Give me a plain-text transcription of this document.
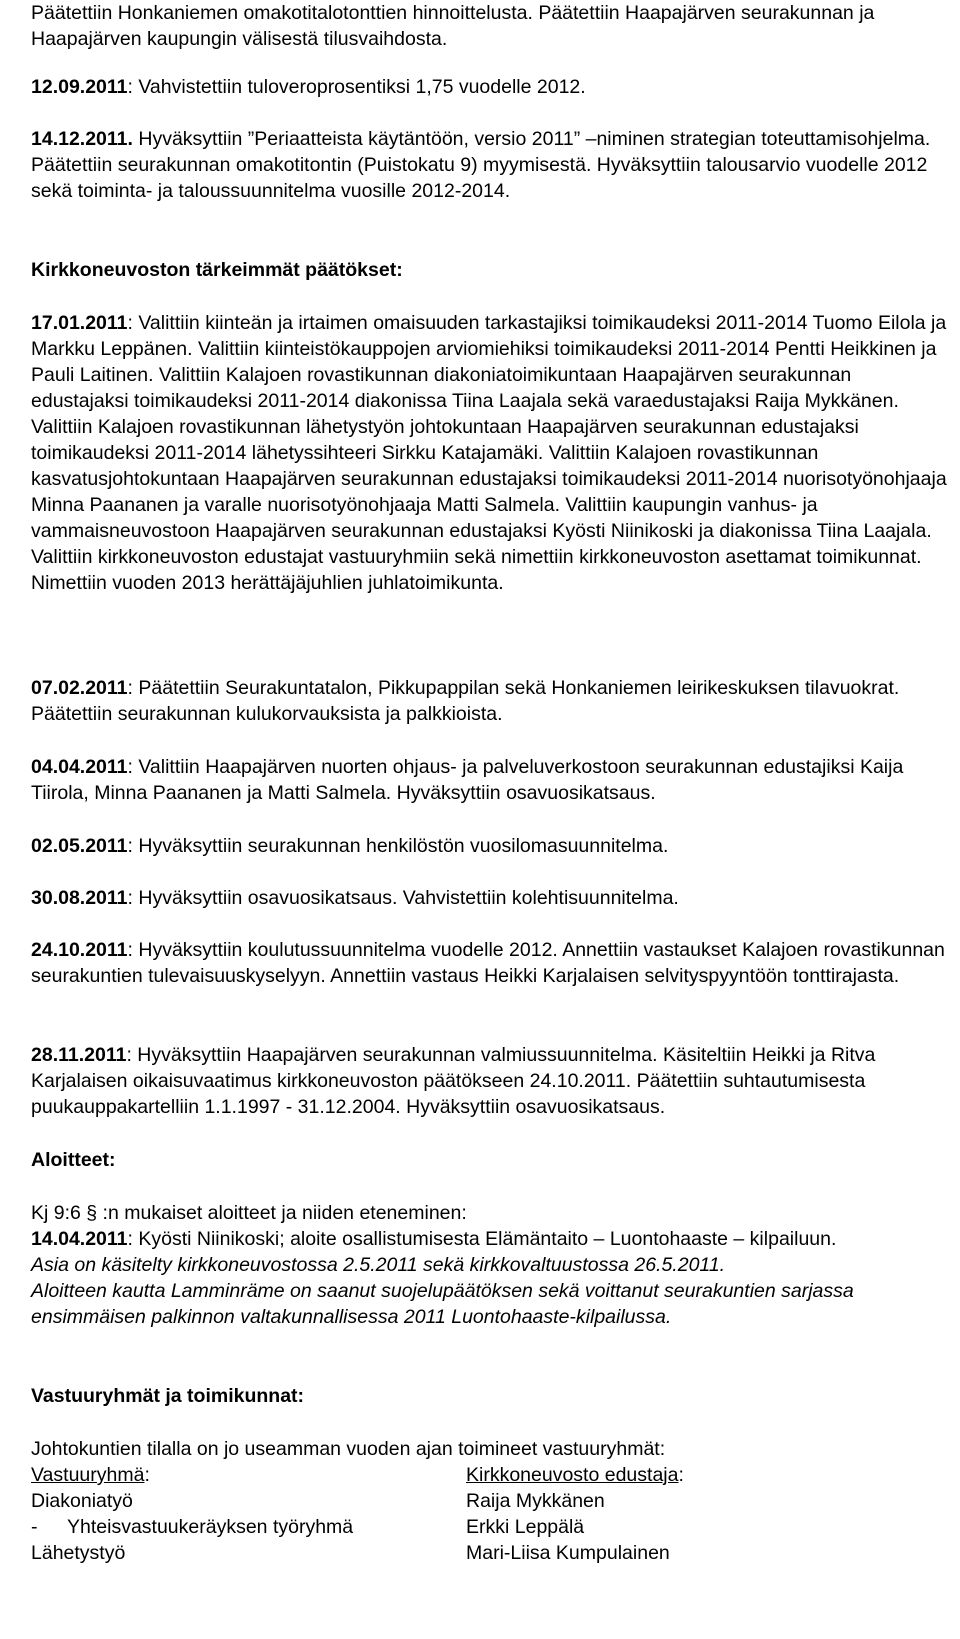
Päätettiin Honkaniemen omakotitalotonttien hinnoittelusta. Päätettiin Haapajärven seurakunnan ja Haapajärven kaupungin välisestä tilusvaihdosta.

12.09.2011: Vahvistettiin tuloveroprosentiksi 1,75 vuodelle 2012.

14.12.2011. Hyväksyttiin ”Periaatteista käytäntöön, versio 2011” –niminen strategian toteuttamisohjelma. Päätettiin seurakunnan omakotitontin (Puistokatu 9) myymisestä. Hyväksyttiin talousarvio vuodelle 2012 sekä toiminta- ja taloussuunnitelma vuosille 2012-2014.

Kirkkoneuvoston tärkeimmät päätökset:

17.01.2011: Valittiin kiinteän ja irtaimen omaisuuden tarkastajiksi toimikaudeksi 2011-2014 Tuomo Eilola ja Markku Leppänen. Valittiin kiinteistökauppojen arviomiehiksi toimikaudeksi 2011-2014 Pentti Heikkinen ja Pauli Laitinen. Valittiin Kalajoen rovastikunnan diakoniatoimikuntaan Haapajärven seurakunnan edustajaksi toimikaudeksi 2011-2014 diakonissa Tiina Laajala sekä varaedustajaksi Raija Mykkänen. Valittiin Kalajoen rovastikunnan lähetystyön johtokuntaan Haapajärven seurakunnan edustajaksi toimikaudeksi 2011-2014 lähetyssihteeri Sirkku Katajamäki. Valittiin Kalajoen rovastikunnan kasvatusjohtokuntaan Haapajärven seurakunnan edustajaksi toimikaudeksi 2011-2014 nuorisotyönohjaaja Minna Paananen ja varalle nuorisotyönohjaaja Matti Salmela. Valittiin kaupungin vanhus- ja vammaisneuvostoon Haapajärven seurakunnan edustajaksi Kyösti Niinikoski ja diakonissa Tiina Laajala. Valittiin kirkkoneuvoston edustajat vastuuryhmiin sekä nimettiin kirkkoneuvoston asettamat toimikunnat. Nimettiin vuoden 2013 herättäjäjuhlien juhlatoimikunta.

07.02.2011: Päätettiin Seurakuntatalon, Pikkupappilan sekä Honkaniemen leirikeskuksen tilavuokrat. Päätettiin seurakunnan kulukorvauksista ja palkkioista.

04.04.2011: Valittiin Haapajärven nuorten ohjaus- ja palveluverkostoon seurakunnan edustajiksi Kaija Tiirola, Minna Paananen ja Matti Salmela. Hyväksyttiin osavuosikatsaus.

02.05.2011: Hyväksyttiin seurakunnan henkilöstön vuosilomasuunnitelma.

30.08.2011: Hyväksyttiin osavuosikatsaus. Vahvistettiin kolehtisuunnitelma.

24.10.2011: Hyväksyttiin koulutussuunnitelma vuodelle 2012. Annettiin vastaukset Kalajoen rovastikunnan seurakuntien tulevaisuuskyselyyn. Annettiin vastaus Heikki Karjalaisen selvityspyyntöön tonttirajasta.

28.11.2011: Hyväksyttiin Haapajärven seurakunnan valmiussuunnitelma. Käsiteltiin Heikki ja Ritva Karjalaisen oikaisuvaatimus kirkkoneuvoston päätökseen 24.10.2011. Päätettiin suhtautumisesta puukauppakartelliin 1.1.1997 - 31.12.2004. Hyväksyttiin osavuosikatsaus.

Aloitteet:

Kj 9:6 § :n mukaiset aloitteet ja niiden eteneminen:

14.04.2011: Kyösti Niinikoski; aloite osallistumisesta Elämäntaito – Luontohaaste – kilpailuun.

Asia on käsitelty kirkkoneuvostossa 2.5.2011 sekä kirkkovaltuustossa 26.5.2011.

Aloitteen kautta Lamminräme on saanut suojelupäätöksen sekä voittanut seurakuntien sarjassa ensimmäisen palkinnon valtakunnallisessa 2011 Luontohaaste-kilpailussa.

Vastuuryhmät ja toimikunnat:

Johtokuntien tilalla on jo useamman vuoden ajan toimineet vastuuryhmät:

Vastuuryhmä:	Kirkkoneuvosto edustaja:
Diakoniatyö	Raija Mykkänen
- Yhteisvastuukeräyksen työryhmä	Erkki Leppälä
Lähetystyö	Mari-Liisa Kumpulainen
